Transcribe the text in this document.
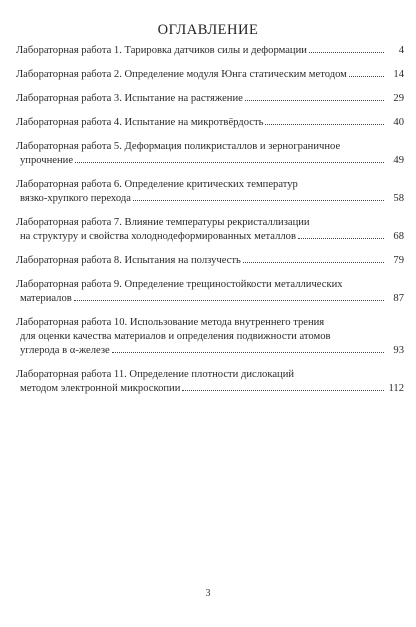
ОГЛАВЛЕНИЕ
Лабораторная работа 1. Тарировка датчиков силы и деформации	4
Лабораторная работа 2. Определение модуля Юнга статическим методом	14
Лабораторная работа 3. Испытание на растяжение	29
Лабораторная работа 4. Испытание на микротвёрдость	40
Лабораторная работа 5. Деформация поликристаллов и зернограничное
упрочнение	49
Лабораторная работа 6. Определение критических температур
вязко-хрупкого перехода	58
Лабораторная работа 7. Влияние температуры рекристаллизации
на структуру и свойства холоднодеформированных металлов	68
Лабораторная работа 8. Испытания на ползучесть	79
Лабораторная работа 9. Определение трещиностойкости металлических
материалов	87
Лабораторная работа 10. Использование метода внутреннего трения
для оценки качества материалов и определения подвижности атомов
углерода в α-железе	93
Лабораторная работа 11. Определение плотности дислокаций
методом электронной микроскопии	112
3
